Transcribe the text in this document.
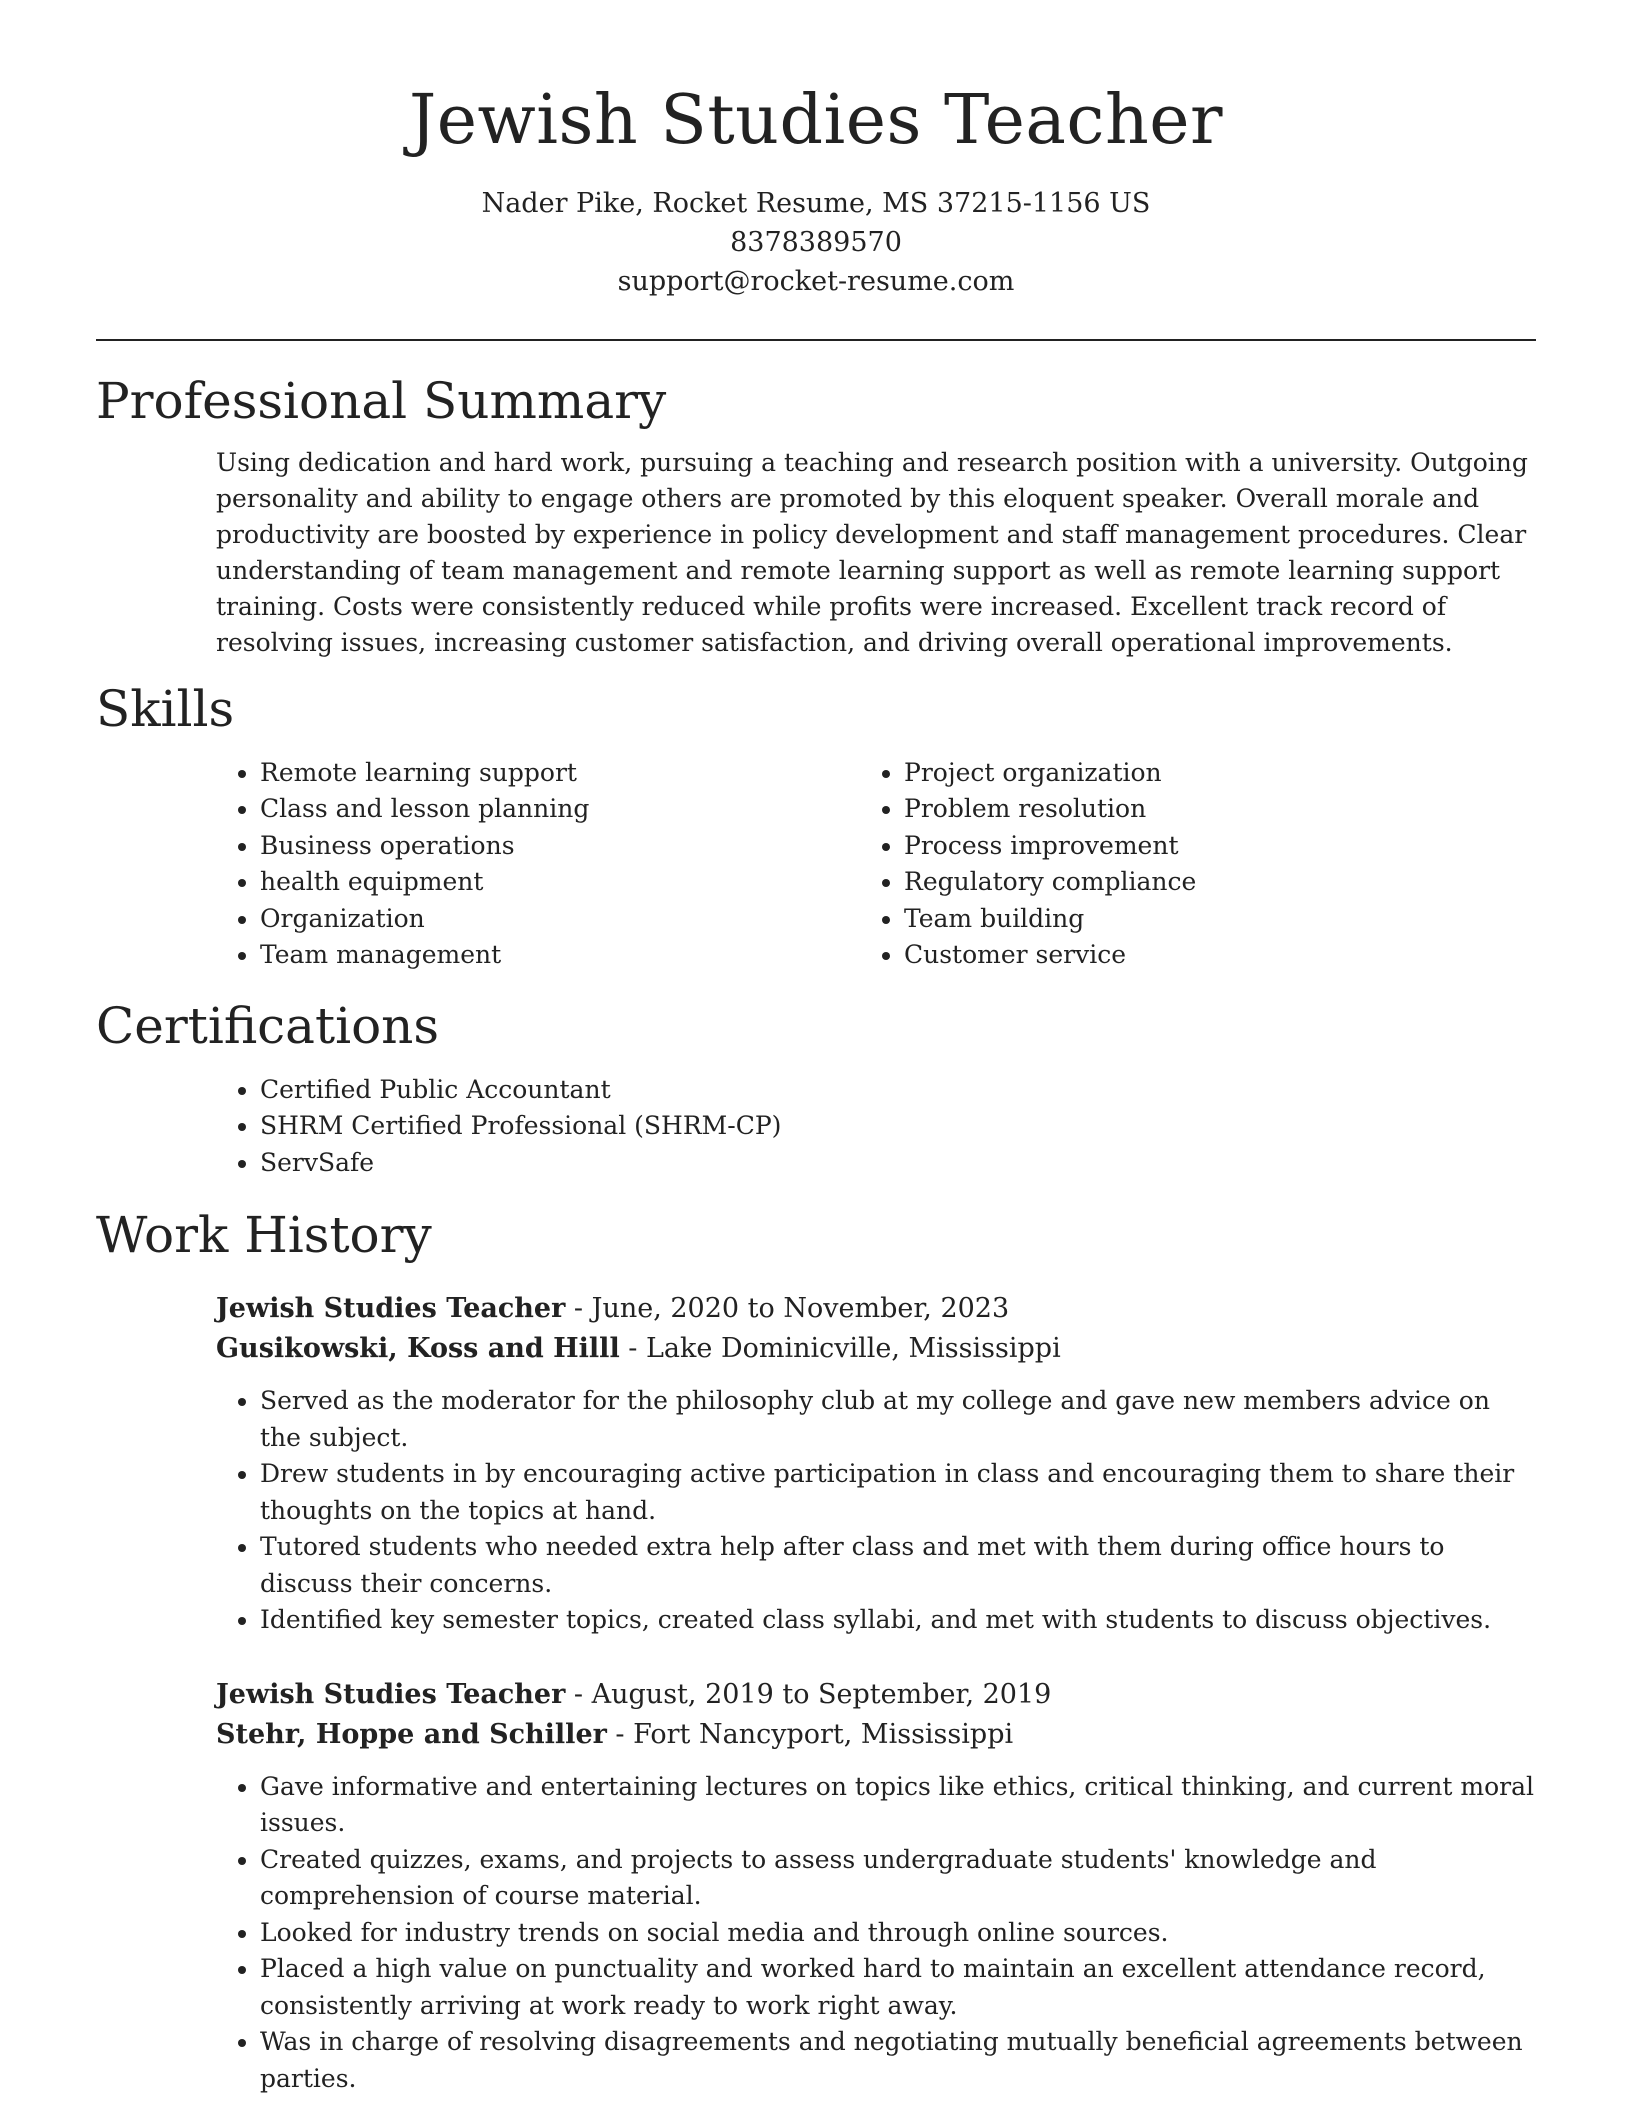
Jewish Studies Teacher
Nader Pike, Rocket Resume, MS 37215-1156 US
8378389570
support@rocket-resume.com
Professional Summary

Using dedication and hard work, pursuing a teaching and research position with a university. Outgoing personality and ability to engage others are promoted by this eloquent speaker. Overall morale and productivity are boosted by experience in policy development and staff management procedures. Clear understanding of team management and remote learning support as well as remote learning support training. Costs were consistently reduced while profits were increased. Excellent track record of resolving issues, increasing customer satisfaction, and driving overall operational improvements.

Skills
• Remote learning support
• Class and lesson planning
• Business operations
• health equipment
• Organization
• Team management
• Project organization
• Problem resolution
• Process improvement
• Regulatory compliance
• Team building
• Customer service
Certifications
• Certified Public Accountant
• SHRM Certified Professional (SHRM-CP)
• ServSafe
Work History
Jewish Studies Teacher - June, 2020 to November, 2023
Gusikowski, Koss and Hilll - Lake Dominicville, Mississippi
• Served as the moderator for the philosophy club at my college and gave new members advice on the subject.
• Drew students in by encouraging active participation in class and encouraging them to share their thoughts on the topics at hand.
• Tutored students who needed extra help after class and met with them during office hours to discuss their concerns.
• Identified key semester topics, created class syllabi, and met with students to discuss objectives.
Jewish Studies Teacher - August, 2019 to September, 2019
Stehr, Hoppe and Schiller - Fort Nancyport, Mississippi
• Gave informative and entertaining lectures on topics like ethics, critical thinking, and current moral issues.
• Created quizzes, exams, and projects to assess undergraduate students' knowledge and comprehension of course material.
• Looked for industry trends on social media and through online sources.
• Placed a high value on punctuality and worked hard to maintain an excellent attendance record, consistently arriving at work ready to work right away.
• Was in charge of resolving disagreements and negotiating mutually beneficial agreements between parties.
